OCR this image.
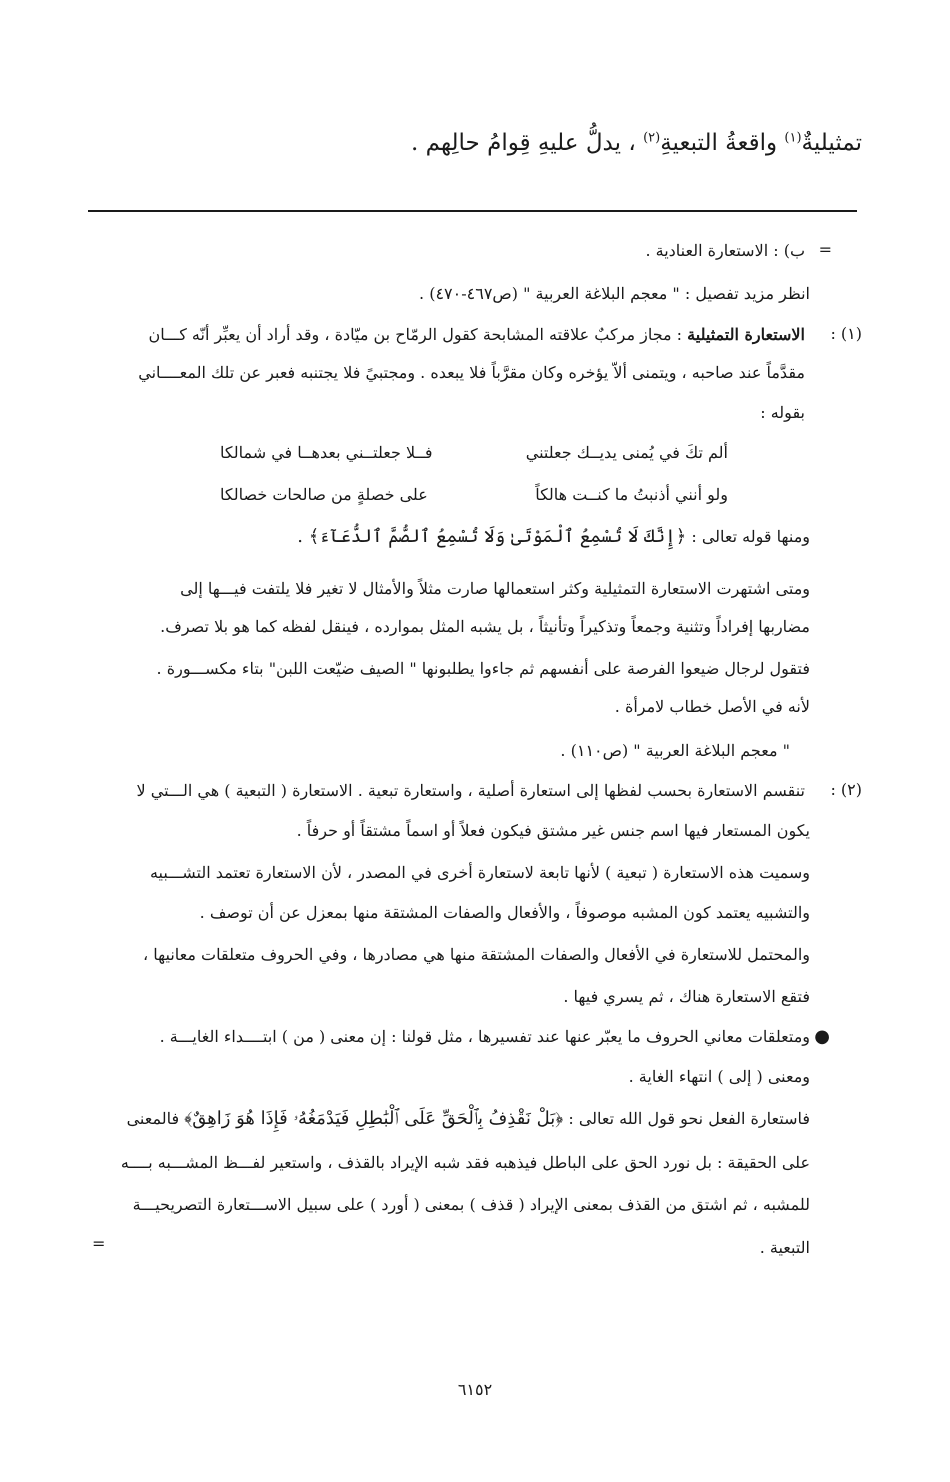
تمثيليةٌ$^{(١)}$ واقعةُ التبعيةِ$^{(٢)}$ ، يدلُّ عليهِ قِوامُ حالِهم .
=
ب) : الاستعارة العنادية .
انظر مزيد تفصيل : " معجم البلاغة العربية " (ص٤٦٧-٤٧٠) .
(١) :
الاستعارة التمثيلية : مجاز مركبٌ علاقته المشابحة كقول الرمّاح بن ميّادة ، وقد أراد أن يعبِّر أنّه كـــان
مقدَّماً عند صاحبه ، ويتمنى ألاّ يؤخره وكان مقرَّباً فلا يبعده . ومجتبيً فلا يجتنبه فعبر عن تلك المعــــاني
بقوله :
ألم تكَ في يُمنى يديــك جعلتني
فــلا جعلتــني بعدهــا في شمالكا
ولو أنني أذنبتُ ما كنــت هالكاً
على خصلةٍ من صالحات خصالكا
ومنها قوله تعالى : ﴿إِنَّكَ لَا تُسْمِعُ ٱلْمَوْتَىٰ وَلَا تُسْمِعُ ٱلصُّمَّ ٱلدُّعَآءَ﴾ .
ومتى اشتهرت الاستعارة التمثيلية وكثر استعمالها صارت مثلاً والأمثال لا تغير فلا يلتفت فيـــها إلى
مضاربها إفراداً وتثنية وجمعاً وتذكيراً وتأنيثاً ، بل يشبه المثل بموارده ، فينقل لفظه كما هو بلا تصرف.
فتقول لرجال ضيعوا الفرصة على أنفسهم ثم جاءوا يطلبونها " الصيف ضيّعت اللبن" بتاء مكســـورة .
لأنه في الأصل خطاب لامرأة .
" معجم البلاغة العربية " (ص١١٠) .
(٢) :
تنقسم الاستعارة بحسب لفظها إلى استعارة أصلية ، واستعارة تبعية . الاستعارة ( التبعية ) هي الـــتي لا
يكون المستعار فيها اسم جنس غير مشتق فيكون فعلاً أو اسماً مشتقاً أو حرفاً .
وسميت هذه الاستعارة ( تبعية ) لأنها تابعة لاستعارة أخرى في المصدر ، لأن الاستعارة تعتمد التشـــبيه
والتشبيه يعتمد كون المشبه موصوفاً ، والأفعال والصفات المشتقة منها بمعزل عن أن توصف .
والمحتمل للاستعارة في الأفعال والصفات المشتقة منها هي مصادرها ، وفي الحروف متعلقات معانيها ،
فتقع الاستعارة هناك ، ثم يسري فيها .
●
ومتعلقات معاني الحروف ما يعبّر عنها عند تفسيرها ، مثل قولنا : إن معنى ( من ) ابتــــداء الغايـــة .
ومعنى ( إلى ) انتهاء الغاية .
فاستعارة الفعل نحو قول الله تعالى : ﴿بَلْ نَقْذِفُ بِٱلْحَقِّ عَلَى ٱلْبَٰطِلِ فَيَدْمَغُهُۥ فَإِذَا هُوَ زَاهِقٌ﴾ فالمعنى
على الحقيقة : بل نورد الحق على الباطل فيذهبه فقد شبه الإيراد بالقذف ، واستعير لفـــظ المشـــبه بــــه
للمشبه ، ثم اشتق من القذف بمعنى الإيراد ( قذف ) بمعنى ( أورد ) على سبيل الاســـتعارة التصريحيـــة
التبعية .
=
٦١٥٢
